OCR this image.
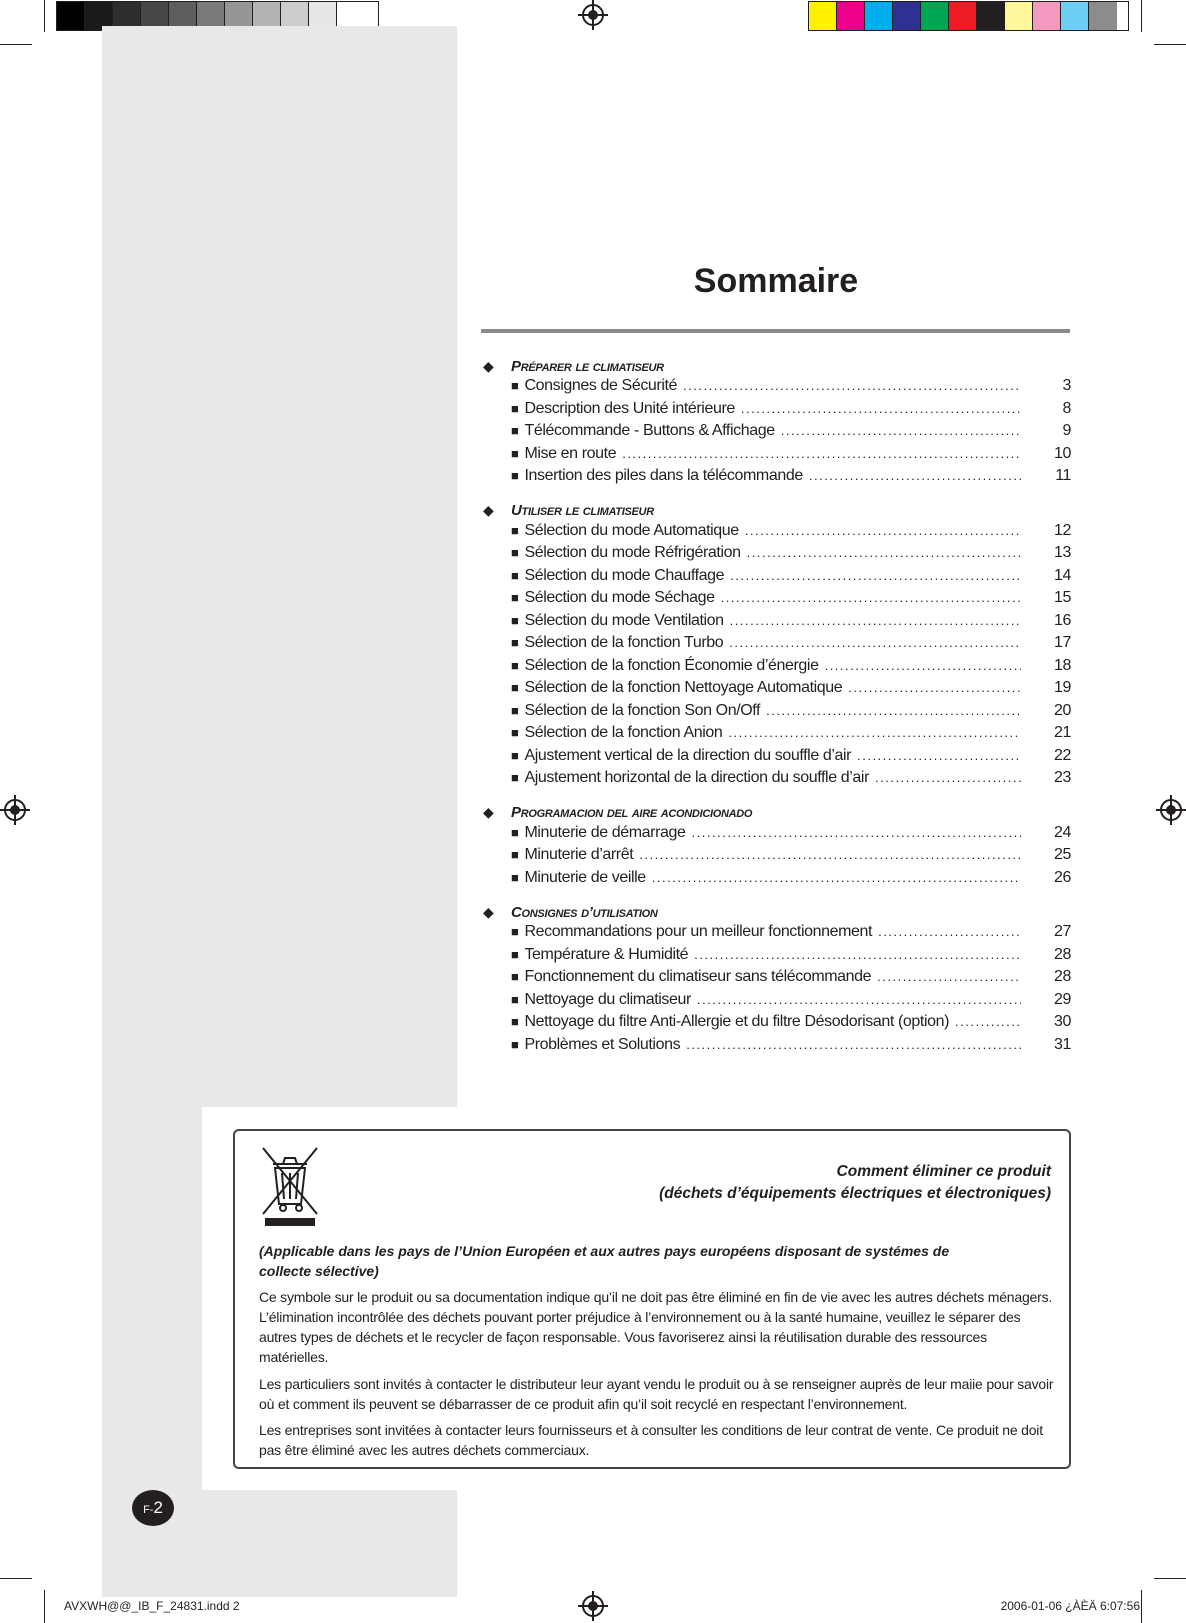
Sommaire
◆	Préparer le climatiseur
■ Consignes de Sécurité .....	3
■ Description des Unité intérieure .....	8
■ Télécommande - Buttons & Affichage .....	9
■ Mise en route .....	10
■ Insertion des piles dans la télécommande .....	11
◆	Utiliser le climatiseur
■ Sélection du mode Automatique .....	12
■ Sélection du mode Réfrigération .....	13
■ Sélection du mode Chauffage .....	14
■ Sélection du mode Séchage .....	15
■ Sélection du mode Ventilation .....	16
■ Sélection de la fonction Turbo .....	17
■ Sélection de la fonction Économie d’énergie .....	18
■ Sélection de la fonction Nettoyage Automatique .....	19
■ Sélection de la fonction Son On/Off .....	20
■ Sélection de la fonction Anion .....	21
■ Ajustement vertical de la direction du souffle d’air .....	22
■ Ajustement horizontal de la direction du souffle d’air .....	23
◆	Programacion del aire acondicionado
■ Minuterie de démarrage .....	24
■ Minuterie d’arrêt .....	25
■ Minuterie de veille .....	26
◆	Consignes d’utilisation
■ Recommandations pour un meilleur fonctionnement .....	27
■ Température & Humidité .....	28
■ Fonctionnement du climatiseur sans télécommande .....	28
■ Nettoyage du climatiseur .....	29
■ Nettoyage du filtre Anti-Allergie et du filtre Désodorisant (option) .....	30
■ Problèmes et Solutions .....	31
Comment éliminer ce produit
(déchets d’équipements électriques et électroniques)

(Applicable dans les pays de l’Union Européen et aux autres pays européens disposant de systémes de collecte sélective)

Ce symbole sur le produit ou sa documentation indique qu’il ne doit pas être éliminé en fin de vie avec les autres déchets ménagers. L’élimination incontrôlée des déchets pouvant porter préjudice à l’environnement ou à la santé humaine, veuillez le séparer des autres types de déchets et le recycler de façon responsable. Vous favoriserez ainsi la réutilisation durable des ressources matérielles.

Les particuliers sont invités à contacter le distributeur leur ayant vendu le produit ou à se renseigner auprès de leur maiie pour savoir où et comment ils peuvent se débarrasser de ce produit afin qu’il soit recyclé en respectant l’environnement.

Les entreprises sont invitées à contacter leurs fournisseurs et à consulter les conditions de leur contrat de vente. Ce produit ne doit pas être éliminé avec les autres déchets commerciaux.

F-2
AVXWH@@_IB_F_24831.indd 2	2006-01-06 ¿ÀÈÄ 6:07:56
